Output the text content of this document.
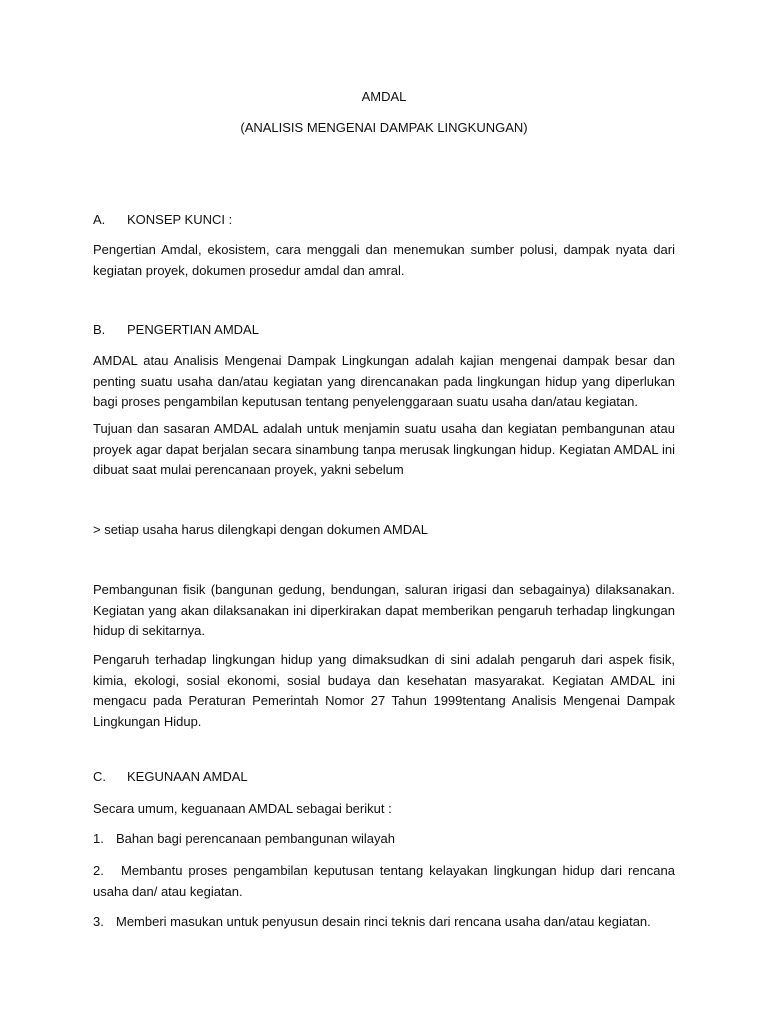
AMDAL
(ANALISIS MENGENAI DAMPAK LINGKUNGAN)
A. KONSEP KUNCI :
Pengertian Amdal, ekosistem, cara menggali dan menemukan sumber polusi, dampak nyata dari kegiatan proyek, dokumen prosedur amdal dan amral.
B. PENGERTIAN AMDAL
AMDAL atau Analisis Mengenai Dampak Lingkungan adalah kajian mengenai dampak besar dan penting suatu usaha dan/atau kegiatan yang direncanakan pada lingkungan hidup yang diperlukan bagi proses pengambilan keputusan tentang penyelenggaraan suatu usaha dan/atau kegiatan.
Tujuan dan sasaran AMDAL adalah untuk menjamin suatu usaha dan kegiatan pembangunan atau proyek agar dapat berjalan secara sinambung tanpa merusak lingkungan hidup. Kegiatan AMDAL ini dibuat saat mulai perencanaan proyek, yakni sebelum
> setiap usaha harus dilengkapi dengan dokumen AMDAL
Pembangunan fisik (bangunan gedung, bendungan, saluran irigasi dan sebagainya) dilaksanakan. Kegiatan yang akan dilaksanakan ini diperkirakan dapat memberikan pengaruh terhadap lingkungan hidup di sekitarnya.
Pengaruh terhadap lingkungan hidup yang dimaksudkan di sini adalah pengaruh dari aspek fisik, kimia, ekologi, sosial ekonomi, sosial budaya dan kesehatan masyarakat. Kegiatan AMDAL ini mengacu pada Peraturan Pemerintah Nomor 27 Tahun 1999tentang Analisis Mengenai Dampak Lingkungan Hidup.
C. KEGUNAAN AMDAL
Secara umum, keguanaan AMDAL sebagai berikut :
1. Bahan bagi perencanaan pembangunan wilayah
2. Membantu proses pengambilan keputusan tentang kelayakan lingkungan hidup dari rencana usaha dan/ atau kegiatan.
3. Memberi masukan untuk penyusun desain rinci teknis dari rencana usaha dan/atau kegiatan.
